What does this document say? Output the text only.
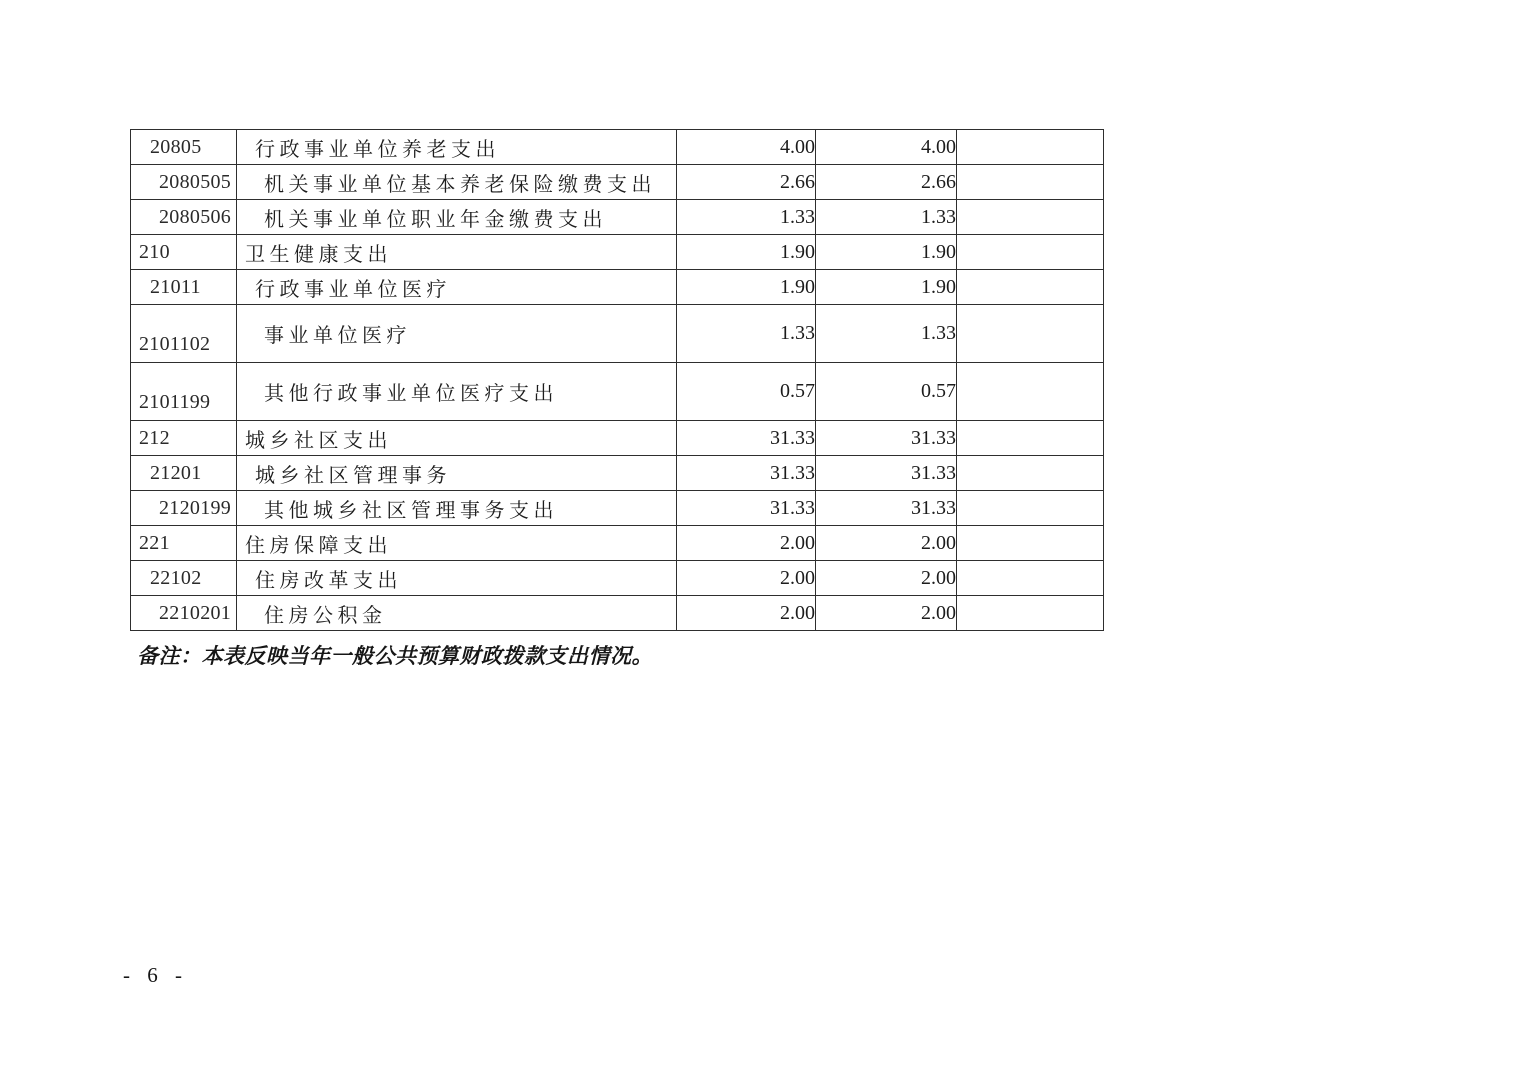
20805	行政事业单位养老支出	4.00	4.00	
2080505	机关事业单位基本养老保险缴费支出	2.66	2.66	
2080506	机关事业单位职业年金缴费支出	1.33	1.33	
210	卫生健康支出	1.90	1.90	
21011	行政事业单位医疗	1.90	1.90	
2101102	事业单位医疗	1.33	1.33	
2101199	其他行政事业单位医疗支出	0.57	0.57	
212	城乡社区支出	31.33	31.33	
21201	城乡社区管理事务	31.33	31.33	
2120199	其他城乡社区管理事务支出	31.33	31.33	
221	住房保障支出	2.00	2.00	
22102	住房改革支出	2.00	2.00	
2210201	住房公积金	2.00	2.00	

备注：本表反映当年一般公共预算财政拨款支出情况。

- 6 -
